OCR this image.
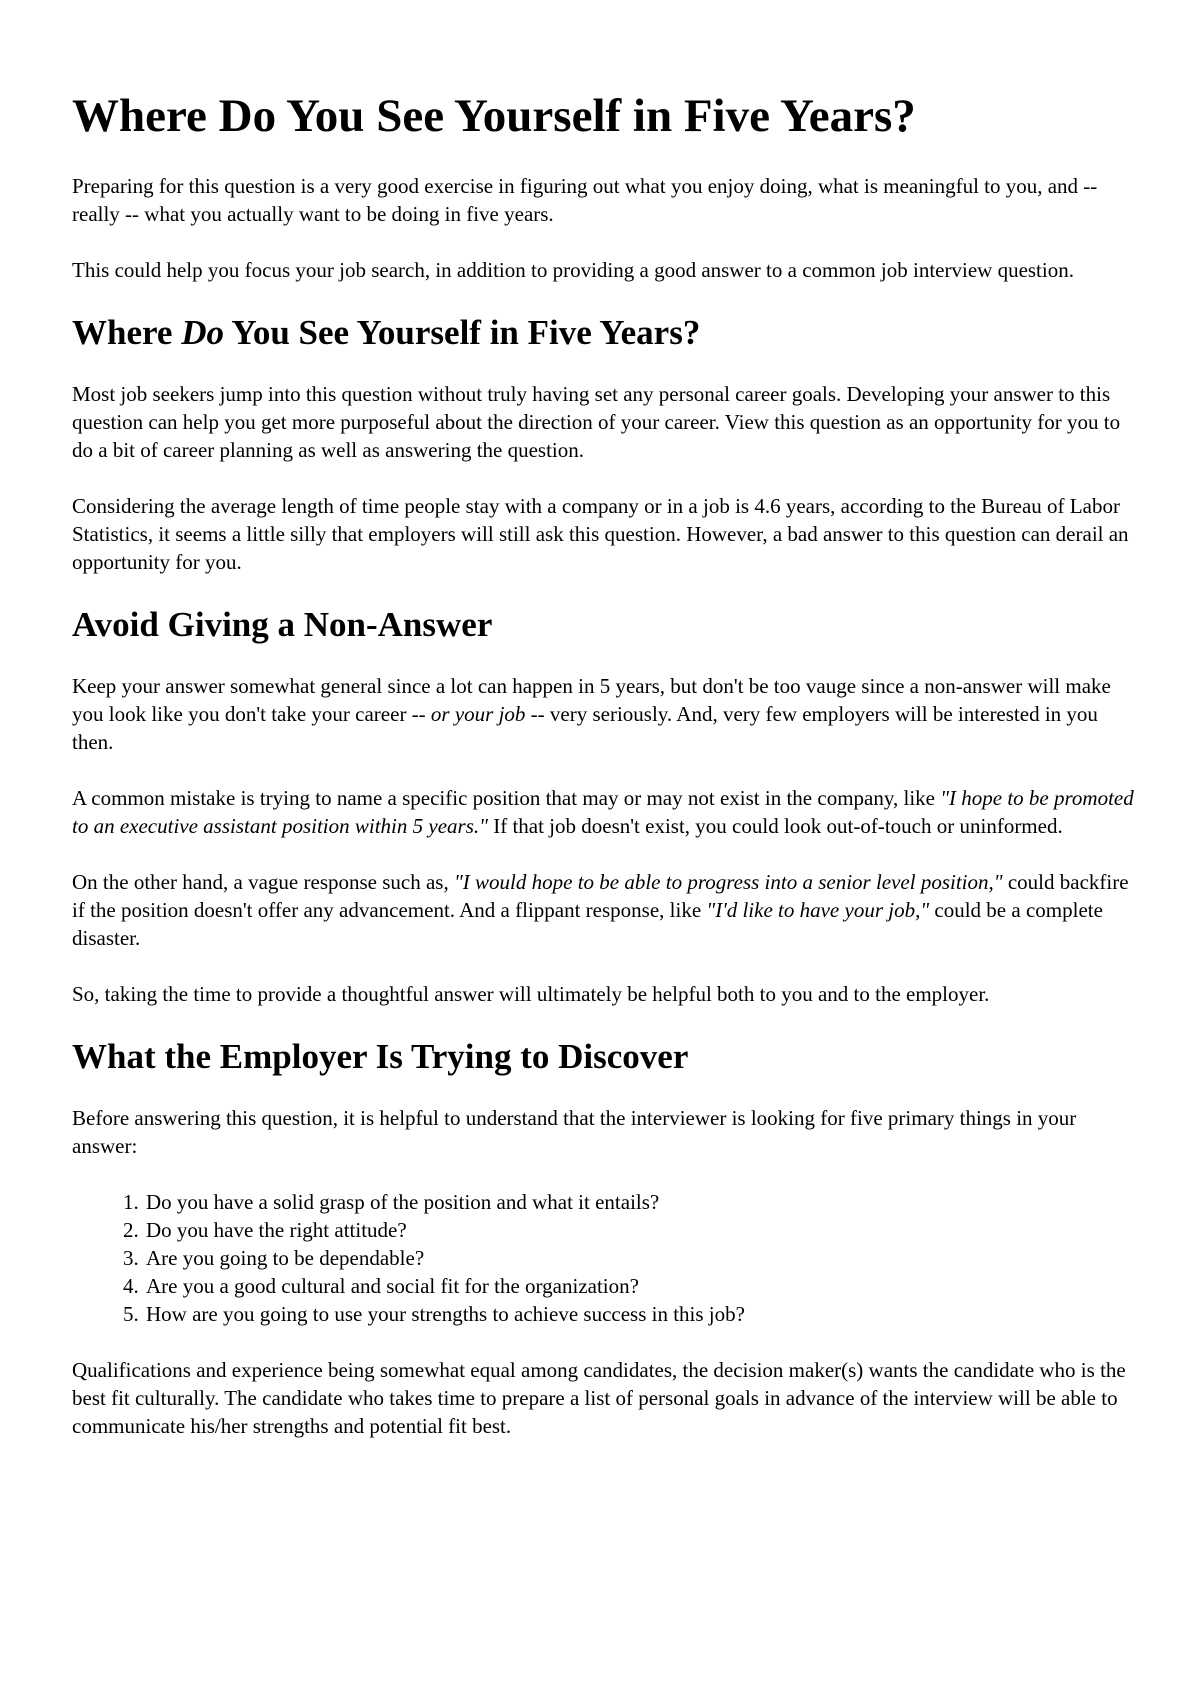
Where Do You See Yourself in Five Years?

Preparing for this question is a very good exercise in figuring out what you enjoy doing, what is meaningful to you, and -- really -- what you actually want to be doing in five years.

This could help you focus your job search, in addition to providing a good answer to a common job interview question.

Where Do You See Yourself in Five Years?

Most job seekers jump into this question without truly having set any personal career goals. Developing your answer to this question can help you get more purposeful about the direction of your career. View this question as an opportunity for you to do a bit of career planning as well as answering the question.

Considering the average length of time people stay with a company or in a job is 4.6 years, according to the Bureau of Labor Statistics, it seems a little silly that employers will still ask this question. However, a bad answer to this question can derail an opportunity for you.

Avoid Giving a Non-Answer

Keep your answer somewhat general since a lot can happen in 5 years, but don't be too vauge since a non-answer will make you look like you don't take your career -- or your job -- very seriously. And, very few employers will be interested in you then.

A common mistake is trying to name a specific position that may or may not exist in the company, like "I hope to be promoted to an executive assistant position within 5 years." If that job doesn't exist, you could look out-of-touch or uninformed.

On the other hand, a vague response such as, "I would hope to be able to progress into a senior level position," could backfire if the position doesn't offer any advancement. And a flippant response, like "I'd like to have your job," could be a complete disaster.

So, taking the time to provide a thoughtful answer will ultimately be helpful both to you and to the employer.

What the Employer Is Trying to Discover

Before answering this question, it is helpful to understand that the interviewer is looking for five primary things in your answer:

1. Do you have a solid grasp of the position and what it entails?
2. Do you have the right attitude?
3. Are you going to be dependable?
4. Are you a good cultural and social fit for the organization?
5. How are you going to use your strengths to achieve success in this job?

Qualifications and experience being somewhat equal among candidates, the decision maker(s) wants the candidate who is the best fit culturally. The candidate who takes time to prepare a list of personal goals in advance of the interview will be able to communicate his/her strengths and potential fit best.
